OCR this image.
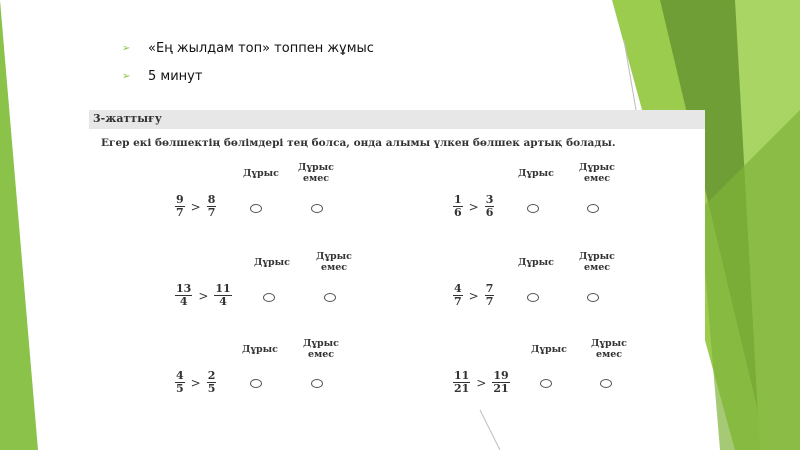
➢	«Ең жылдам топ» топпен жұмыс
➢	5 минут
3-жаттығу
Егер екі бөлшектің бөлімдері тең болса, онда алымы үлкен бөлшек артық болады.
Дұрыс
Дұрыс
емес
$\frac{9}{7} > \frac{8}{7}$
Дұрыс
Дұрыс
емес
$\frac{1}{6} > \frac{3}{6}$
Дұрыс
Дұрыс
емес
$\frac{13}{4} > \frac{11}{4}$
Дұрыс
Дұрыс
емес
$\frac{4}{7} > \frac{7}{7}$
Дұрыс
Дұрыс
емес
$\frac{4}{5} > \frac{2}{5}$
Дұрыс
Дұрыс
емес
$\frac{11}{21} > \frac{19}{21}$
